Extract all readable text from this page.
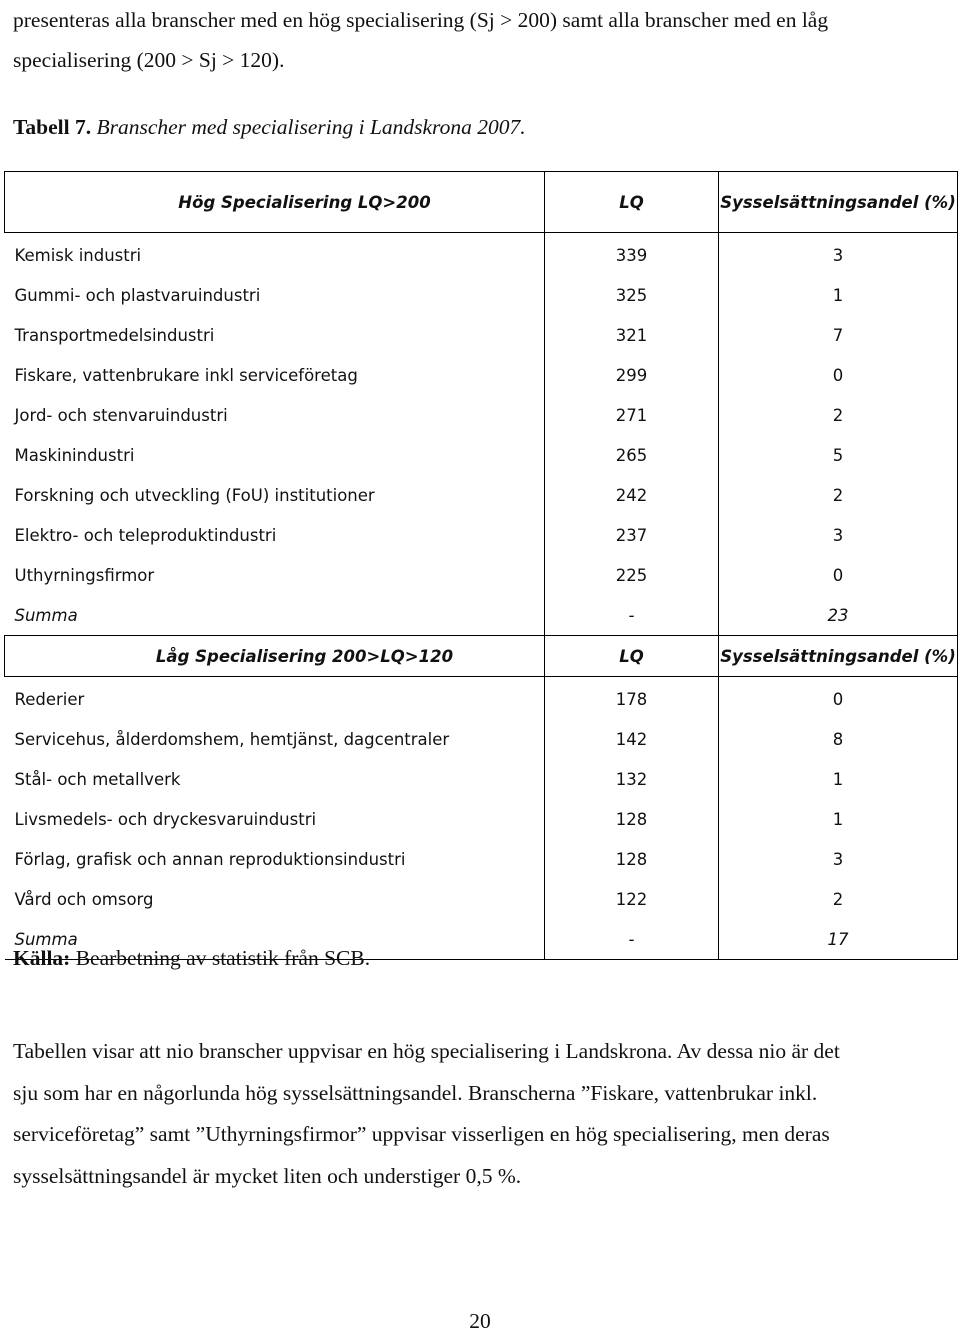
presenteras alla branscher med en hög specialisering (Sj > 200) samt alla branscher med en låg

specialisering (200 > Sj > 120).

Tabell 7. Branscher med specialisering i Landskrona 2007.
Hög Specialisering LQ>200	LQ	Sysselsättningsandel (%)
Kemisk industri	339	3
Gummi- och plastvaruindustri	325	1
Transportmedelsindustri	321	7
Fiskare, vattenbrukare inkl serviceföretag	299	0
Jord- och stenvaruindustri	271	2
Maskinindustri	265	5
Forskning och utveckling (FoU) institutioner	242	2
Elektro- och teleproduktindustri	237	3
Uthyrningsfirmor	225	0
Summa	-	23
Låg Specialisering 200>LQ>120	LQ	Sysselsättningsandel (%)
Rederier	178	0
Servicehus, ålderdomshem, hemtjänst, dagcentraler	142	8
Stål- och metallverk	132	1
Livsmedels- och dryckesvaruindustri	128	1
Förlag, grafisk och annan reproduktionsindustri	128	3
Vård och omsorg	122	2
Summa	-	17
Källa: Bearbetning av statistik från SCB.

Tabellen visar att nio branscher uppvisar en hög specialisering i Landskrona. Av dessa nio är det

sju som har en någorlunda hög sysselsättningsandel. Branscherna ”Fiskare, vattenbrukar inkl.

serviceföretag” samt ”Uthyrningsfirmor” uppvisar visserligen en hög specialisering, men deras

sysselsättningsandel är mycket liten och understiger 0,5 %.

20
